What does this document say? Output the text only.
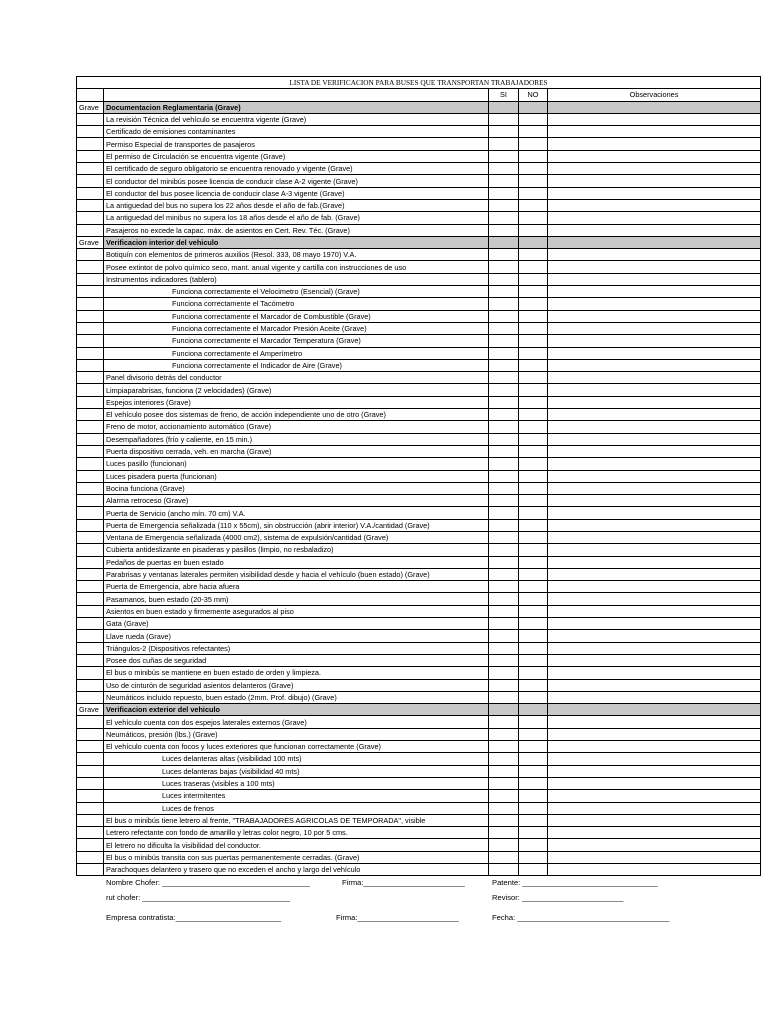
LISTA DE VERIFICACION PARA BUSES QUE TRANSPORTAN TRABAJADORES				
		SI	NO	Observaciones
Grave	Documentacion Reglamentaria (Grave)			
	La revisión Técnica del vehículo se encuentra vigente (Grave)			
	Certificado de emisiones contaminantes			
	Permiso Especial de transportes de pasajeros			
	El permiso de Circulación se encuentra vigente (Grave)			
	El certificado de seguro obligatorio se encuentra renovado y vigente (Grave)			
	El conductor del minibús posee licencia de conducir clase A-2 vigente (Grave)			
	El conductor del bus posee licencia de conducir clase A-3 vigente (Grave)			
	La antiguedad del bus no supera los 22 años desde el año de fab.(Grave)			
	La antiguedad del minibus no supera los 18 años desde el año de fab. (Grave)			
	Pasajeros no excede la capac. máx. de asientos en Cert. Rev. Téc. (Grave)			
Grave	Verificacion interior del vehiculo			
	Botiquín con elementos de primeros auxilios (Resol. 333, 08 mayo 1970) V.A.			
	Posee extintor de polvo químico seco, mant. anual vigente y cartilla con instrucciones de uso			
	Instrumentos indicadores (tablero)			
	Funciona correctamente el Velocimetro (Esencial) (Grave)			
	Funciona correctamente el Tacómetro			
	Funciona correctamente el Marcador de Combustible (Grave)			
	Funciona correctamente el Marcador Presión Aceite (Grave)			
	Funciona correctamente el Marcador Temperatura (Grave)			
	Funciona correctamente el Amperímetro			
	Funciona correctamente el Indicador de Aire (Grave)			
	Panel divisorio detrás del conductor			
	Limpiaparabrisas, funciona (2 velocidades) (Grave)			
	Espejos interiores (Grave)			
	El vehículo posee dos sistemas de freno, de acción independiente uno de otro (Grave)			
	Freno de motor, accionamiento automático (Grave)			
	Desempañadores (frío y caliente, en 15 min.)			
	Puerta dispositivo cerrada, veh. en marcha (Grave)			
	Luces pasillo (funcionan)			
	Luces pisadera puerta (funcionan)			
	Bocina funciona (Grave)			
	Alarma retroceso (Grave)			
	Puerta de Servicio (ancho mín. 70 cm) V.A.			
	Puerta de Emergencia señalizada (110 x 55cm), sin obstrucción (abrir interior) V.A./cantidad (Grave)			
	Ventana de Emergencia señalizada (4000 cm2), sistema de expulsión/cantidad (Grave)			
	Cubierta antideslizante en pisaderas y pasillos (limpio, no resbaladizo)			
	Pedaños de puertas en buen estado			
	Parabrisas y ventanas laterales permiten visibilidad desde y hacia el vehículo (buen estado) (Grave)			
	Puerta de Emergencia, abre hacia afuera			
	Pasamanos, buen estado (20-35 mm)			
	Asientos en buen estado y firmemente asegurados al piso			
	Gata (Grave)			
	Llave rueda (Grave)			
	Triángulos-2 (Dispositivos refectantes)			
	Posee dos cuñas de seguridad			
	El bus o minibús se mantiene en buen estado de orden y limpieza.			
	Uso de cinturón de seguridad asientos delanteros (Grave)			
	Neumáticos incluido repuesto, buen estado (2mm. Prof. dibujo) (Grave)			
Grave	Verificacion exterior del vehiculo			
	El vehículo cuenta con dos espejos laterales externos (Grave)			
	Neumáticos, presión (lbs.) (Grave)			
	El vehículo cuenta con focos y luces exteriores que funcionan correctamente (Grave)			
	Luces delanteras altas (visibilidad 100 mts)			
	Luces delanteras bajas (visibilidad 40 mts)			
	Luces traseras (visibles a 100 mts)			
	Luces intermitentes			
	Luces de frenos			
	El bus o minibús tiene letrero al frente, "TRABAJADORES AGRICOLAS DE TEMPORADA", visible			
	Letrero refectante con fondo de amarillo y letras color negro, 10 por 5 cms.			
	El letrero no dificulta la visibilidad del conductor.			
	El bus o minibús transita con sus puertas permanentemente cerradas. (Grave)			
	Parachoques delantero y trasero que no exceden el ancho y largo del vehículo			
Nombre Chofer: ___________________________________	Firma:________________________	Patente: ________________________________
rut chofer: ___________________________________	Revisor: ________________________
Empresa contratista:_________________________	Firma:________________________	Fecha: ____________________________________
